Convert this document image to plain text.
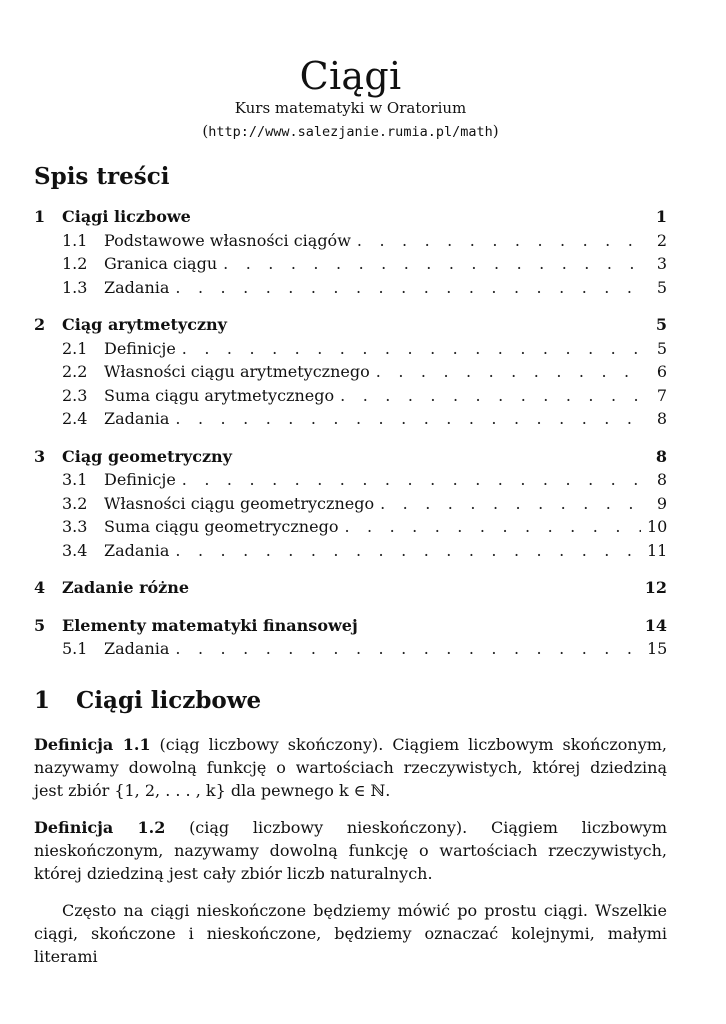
Ciągi
Kurs matematyki w Oratorium
(http://www.salezjanie.rumia.pl/math)
Spis treści
1	Ciągi liczbowe	1
1.1	Podstawowe własności ciągów . . .	2
1.2	Granica ciągu . . .	3
1.3	Zadania . . .	5
2	Ciąg arytmetyczny	5
2.1	Definicje . . .	5
2.2	Własności ciągu arytmetycznego . . .	6
2.3	Suma ciągu arytmetycznego . . .	7
2.4	Zadania . . .	8
3	Ciąg geometryczny	8
3.1	Definicje . . .	8
3.2	Własności ciągu geometrycznego . . .	9
3.3	Suma ciągu geometrycznego . . .	10
3.4	Zadania . . .	11
4	Zadanie różne	12
5	Elementy matematyki finansowej	14
5.1	Zadania . . .	15
1	Ciągi liczbowe

Definicja 1.1 (ciąg liczbowy skończony). Ciągiem liczbowym skończonym, nazywamy dowolną funkcję o wartościach rzeczywistych, której dziedziną jest zbiór {1, 2, . . . , k} dla pewnego k ∈ ℕ.

Definicja 1.2 (ciąg liczbowy nieskończony). Ciągiem liczbowym nieskończonym, nazywamy dowolną funkcję o wartościach rzeczywistych, której dziedziną jest cały zbiór liczb naturalnych.

Często na ciągi nieskończone będziemy mówić po prostu ciągi. Wszelkie ciągi, skończone i nieskończone, będziemy oznaczać kolejnymi, małymi literami
